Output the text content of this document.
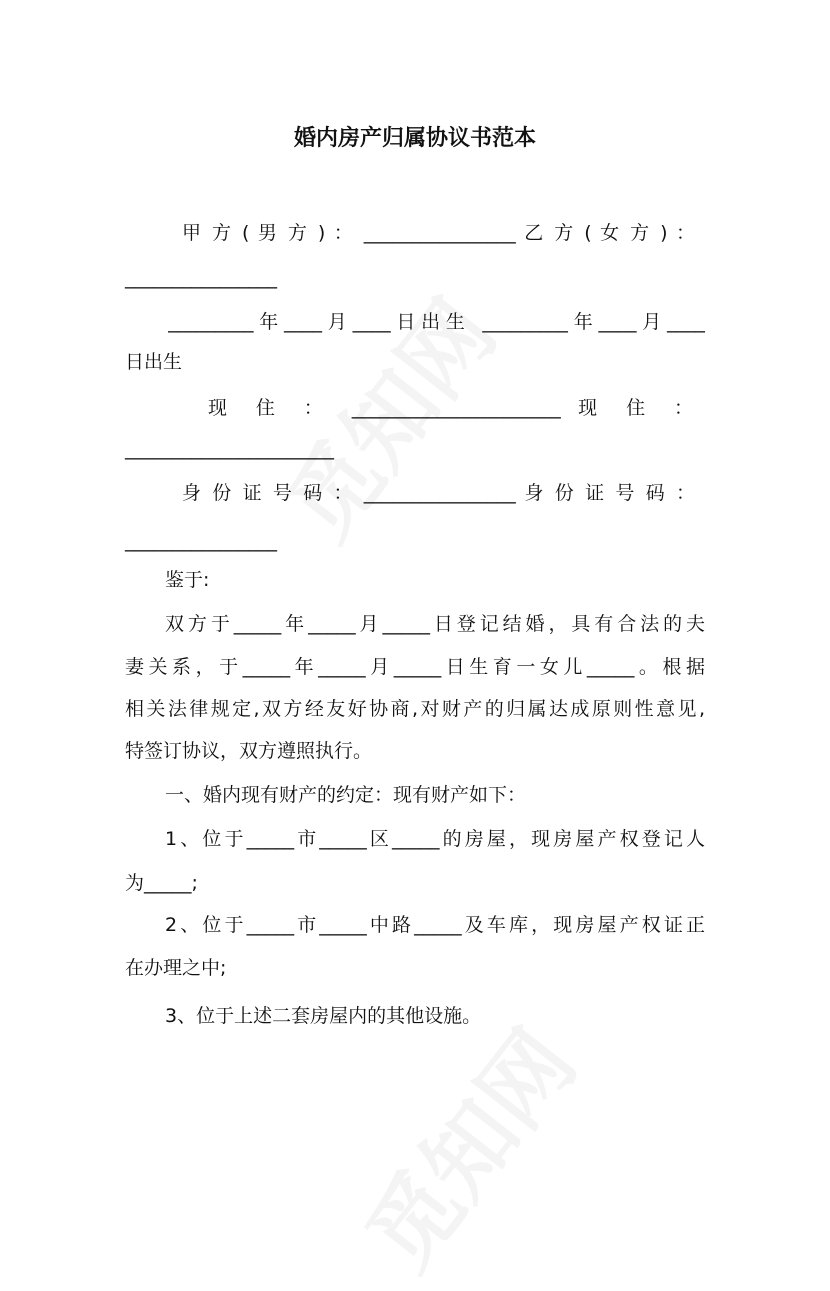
婚内房产归属协议书范本
甲 方 ( 男 方 ) ： ________________ 乙 方 ( 女 方 ) ：
________________
_________年____月____日出生 _________年____月____
日出生
现 住 ： ______________________ 现 住 ：
______________________
身 份 证 号 码 ： ________________ 身 份 证 号 码 ：
________________
鉴于:
双方于_____年_____月_____日登记结婚，具有合法的夫
妻关系，于_____年_____月_____日生育一女儿_____。根据
相关法律规定,双方经友好协商,对财产的归属达成原则性意见,
特签订协议，双方遵照执行。
一、婚内现有财产的约定：现有财产如下：
1、位于_____市_____区_____的房屋，现房屋产权登记人
为_____;
2、位于_____市_____中路_____及车库，现房屋产权证正
在办理之中;
3、位于上述二套房屋内的其他设施。
